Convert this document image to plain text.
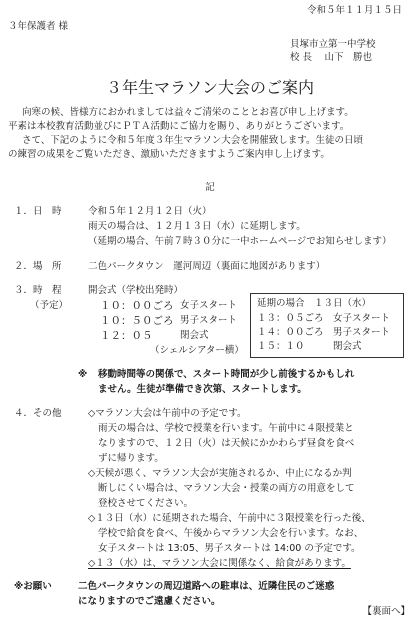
令和５年１１月１５日
３年保護者 様
貝塚市立第一中学校
校 長　 山下　勝也
３年生マラソン大会のご案内
向寒の候、皆様方におかれましては益々ご清栄のこととお喜び申し上げます。
平素は本校教育活動並びにＰＴＡ活動にご協力を賜り、ありがとうございます。
さて、下記のように令和５年度３年生マラソン大会を開催致します。生徒の日頃
の練習の成果をご覧いただき、激励いただきますようご案内申し上げます。
記
１．日　時	令和５年１２月１２日（火）
雨天の場合は、１２月１３日（水）に延期します。
（延期の場合、午前７時３０分に一中ホームページでお知らせします）
２．場　所	二色パークタウン　運河周辺（裏面に地図があります）
３．時　程
（予定）
開会式（学校出発時）
１０：００ごろ 女子スタート
１０：５０ごろ 男子スタート
１２：０５	閉会式
（シェルシアター横）
延期の場合　１３日（水）
１３：０５ごろ 女子スタート
１４：００ごろ 男子スタート
１５：１０	閉会式
※ 移動時間等の関係で、スタート時間が少し前後するかもしれ
ません。生徒が準備でき次第、スタートします。
４．その他	◇マラソン大会は午前中の予定です。
雨天の場合は、学校で授業を行います。午前中に４限授業と
なりますので、１２日（火）は天候にかかわらず昼食を食べ
ずに帰ります。
◇天候が悪く、マラソン大会が実施されるか、中止になるか判
断しにくい場合は、マラソン大会・授業の両方の用意をして
登校させてください。
◇１３日（水）に延期された場合、午前中に３限授業を行った後、
学校で給食を食べ、午後からマラソン大会を行います。なお、
女子スタートは 13:05、男子スタートは 14:00 の予定です。
◇１３（水）は、マラソン大会に関係なく、給食があります。
※お願い	二色パークタウンの周辺道路への駐車は、近隣住民のご迷惑
になりますのでご遠慮ください。
【裏面へ】
